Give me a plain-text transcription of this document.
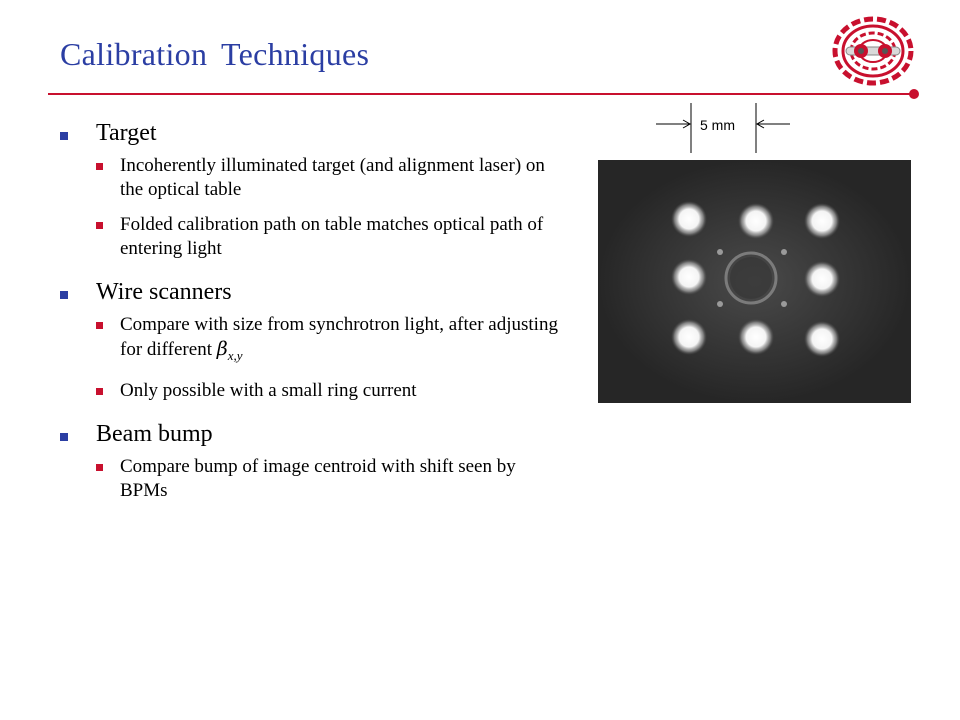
Calibration Techniques
Target
Incoherently illuminated target (and alignment laser) on the optical table
Folded calibration path on table matches optical path of entering light
Wire scanners
Compare with size from synchrotron light, after adjusting for different $\beta_{x,y}$
Only possible with a small ring current
Beam bump
Compare bump of image centroid with shift seen by BPMs
5 mm
